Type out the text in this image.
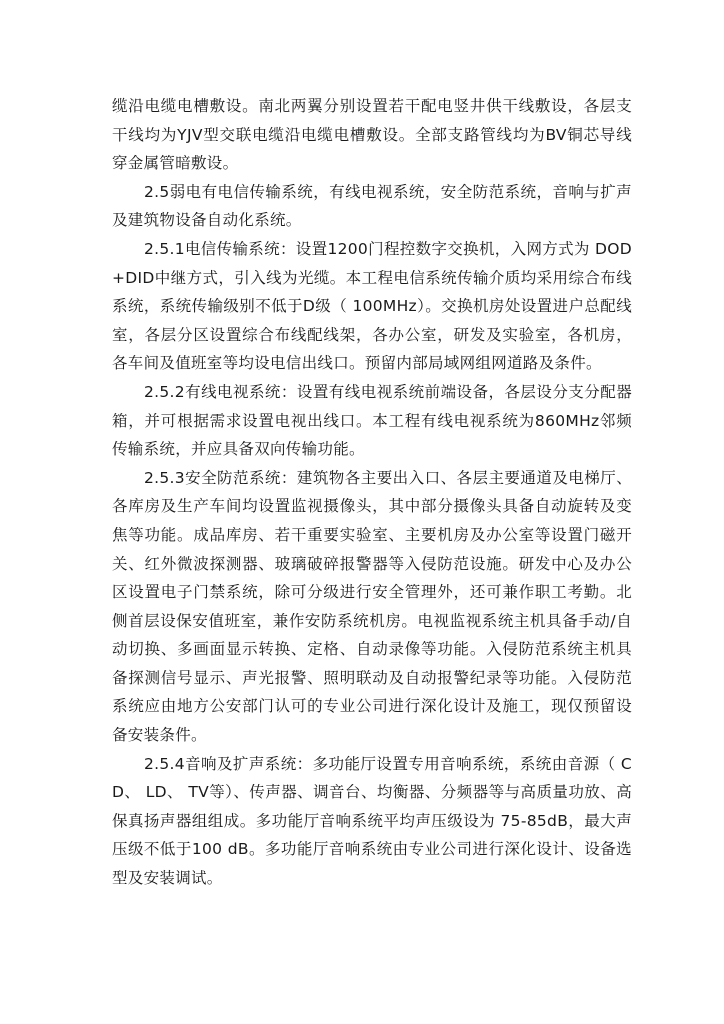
缆沿电缆电槽敷设。南北两翼分别设置若干配电竖井供干线敷设，各层支干线均为YJV型交联电缆沿电缆电槽敷设。全部支路管线均为BV铜芯导线穿金属管暗敷设。

2.5弱电有电信传输系统，有线电视系统，安全防范系统，音响与扩声及建筑物设备自动化系统。

2.5.1电信传输系统：设置1200门程控数字交换机，入网方式为 DOD+DID中继方式，引入线为光缆。本工程电信系统传输介质均采用综合布线系统，系统传输级别不低于D级（ 100MHz）。交换机房处设置进户总配线室，各层分区设置综合布线配线架，各办公室，研发及实验室，各机房，各车间及值班室等均设电信出线口。预留内部局域网组网道路及条件。

2.5.2有线电视系统：设置有线电视系统前端设备，各层设分支分配器箱，并可根据需求设置电视出线口。本工程有线电视系统为860MHz邻频传输系统，并应具备双向传输功能。

2.5.3安全防范系统：建筑物各主要出入口、各层主要通道及电梯厅、各库房及生产车间均设置监视摄像头，其中部分摄像头具备自动旋转及变焦等功能。成品库房、若干重要实验室、主要机房及办公室等设置门磁开关、红外微波探测器、玻璃破碎报警器等入侵防范设施。研发中心及办公区设置电子门禁系统，除可分级进行安全管理外，还可兼作职工考勤。北侧首层设保安值班室，兼作安防系统机房。电视监视系统主机具备手动/自动切换、多画面显示转换、定格、自动录像等功能。入侵防范系统主机具备探测信号显示、声光报警、照明联动及自动报警纪录等功能。入侵防范系统应由地方公安部门认可的专业公司进行深化设计及施工，现仅预留设备安装条件。

2.5.4音响及扩声系统：多功能厅设置专用音响系统，系统由音源（ CD、 LD、 TV等）、传声器、调音台、均衡器、分频器等与高质量功放、高保真扬声器组组成。多功能厅音响系统平均声压级设为 75-85dB，最大声压级不低于100 dB。多功能厅音响系统由专业公司进行深化设计、设备选型及安装调试。
